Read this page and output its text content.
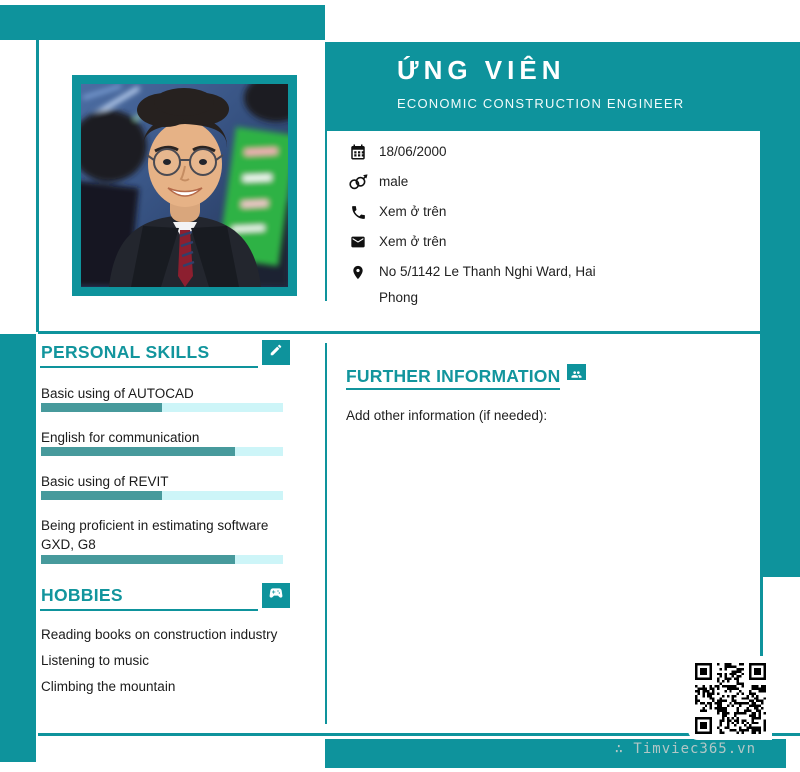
ỨNG VIÊN
ECONOMIC CONSTRUCTION ENGINEER
18/06/2000
male
Xem ở trên
Xem ở trên
No 5/1142 Le Thanh Nghi Ward, Hai Phong
PERSONAL SKILLS
Basic using of AUTOCAD
English for communication
Basic using of REVIT
Being proficient in estimating software GXD, G8
HOBBIES
Reading books on construction industry
Listening to music
Climbing the mountain
FURTHER INFORMATION
Add other information (if needed):
∴ Timviec365.vn
